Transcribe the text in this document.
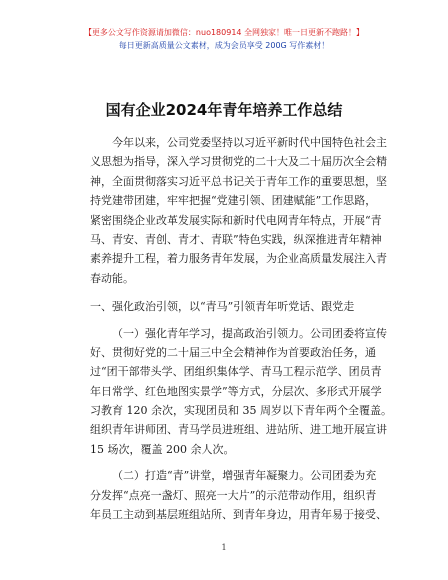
【更多公文写作资源请加微信：nuo180914 全网独家！唯一日更新不跑路！】
每日更新高质量公文素材，成为会员享受 200G 写作素材！
国有企业2024年青年培养工作总结
今年以来，公司党委坚持以习近平新时代中国特色社会主
义思想为指导，深入学习贯彻党的二十大及二十届历次全会精
神，全面贯彻落实习近平总书记关于青年工作的重要思想，坚
持党建带团建，牢牢把握“党建引领、团建赋能”工作思路，
紧密围绕企业改革发展实际和新时代电网青年特点，开展“青
马、青安、青创、青才、青联”特色实践，纵深推进青年精神
素养提升工程，着力服务青年发展，为企业高质量发展注入青
春动能。
一、强化政治引领，以“青马”引领青年听党话、跟党走
（一）强化青年学习，提高政治引领力。公司团委将宣传
好、贯彻好党的二十届三中全会精神作为首要政治任务，通
过“团干部带头学、团组织集体学、青马工程示范学、团员青
年日常学、红色地图实景学”等方式，分层次、多形式开展学
习教育 120 余次，实现团员和 35 周岁以下青年两个全覆盖。
组织青年讲师团、青马学员进班组、进站所、进工地开展宣讲
15 场次，覆盖 200 余人次。
（二）打造“青”讲堂，增强青年凝聚力。公司团委为充
分发挥“点亮一盏灯、照亮一大片”的示范带动作用，组织青
年员工主动到基层班组站所、到青年身边，用青年易于接受、
1
